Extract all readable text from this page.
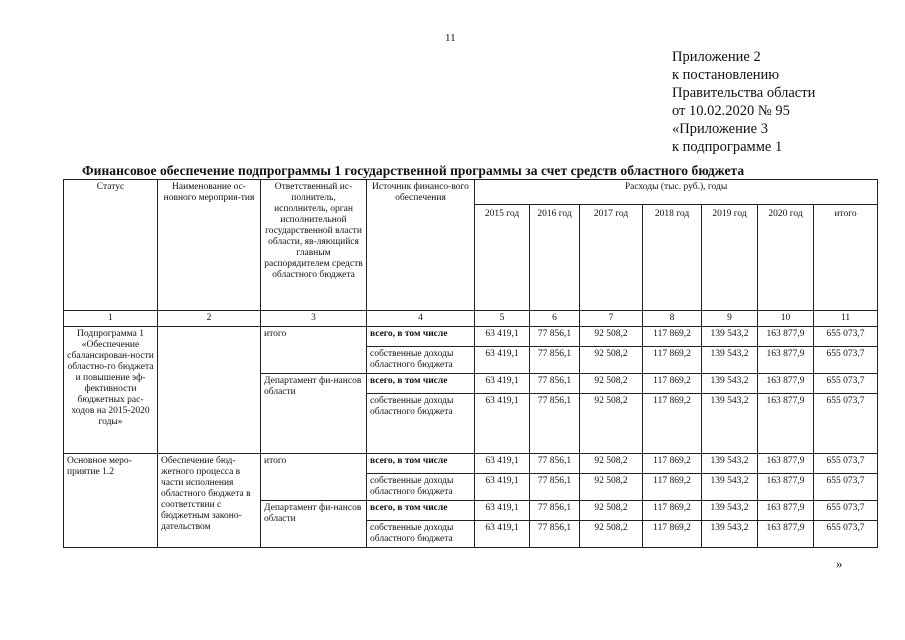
11
Приложение 2
к постановлению
Правительства области
от 10.02.2020 № 95
«Приложение 3
к подпрограмме 1
Финансовое обеспечение подпрограммы 1 государственной программы за счет средств областного бюджета
Статус	Наименование ос-новного мероприя-тия	Ответственный ис-полнитель, исполнитель, орган исполнительной государственной власти области, яв-ляющийся главным распорядителем средств областного бюджета	Источник финансо-вого обеспечения	Расходы (тыс. руб.), годы						
				2015 год	2016 год	2017 год	2018 год	2019 год	2020 год	итого
1	2	3	4	5	6	7	8	9	10	11
Подпрограмма 1 «Обеспечение сбалансирован-ности областно-го бюджета и повышение эф-фективности бюджетных рас-ходов на 2015-2020 годы»		итого	всего, в том числе	63 419,1	77 856,1	92 508,2	117 869,2	139 543,2	163 877,9	655 073,7
			собственные доходы областного бюджета	63 419,1	77 856,1	92 508,2	117 869,2	139 543,2	163 877,9	655 073,7
		Департамент фи-нансов области	всего, в том числе	63 419,1	77 856,1	92 508,2	117 869,2	139 543,2	163 877,9	655 073,7
			собственные доходы областного бюджета	63 419,1	77 856,1	92 508,2	117 869,2	139 543,2	163 877,9	655 073,7
Основное меро-приятие 1.2	Обеспечение бюд-жетного процесса в части исполнения областного бюджета в соответствии с бюджетным законо-дательством	итого	всего, в том числе	63 419,1	77 856,1	92 508,2	117 869,2	139 543,2	163 877,9	655 073,7
			собственные доходы областного бюджета	63 419,1	77 856,1	92 508,2	117 869,2	139 543,2	163 877,9	655 073,7
		Департамент фи-нансов области	всего, в том числе	63 419,1	77 856,1	92 508,2	117 869,2	139 543,2	163 877,9	655 073,7
			собственные доходы областного бюджета	63 419,1	77 856,1	92 508,2	117 869,2	139 543,2	163 877,9	655 073,7
»
